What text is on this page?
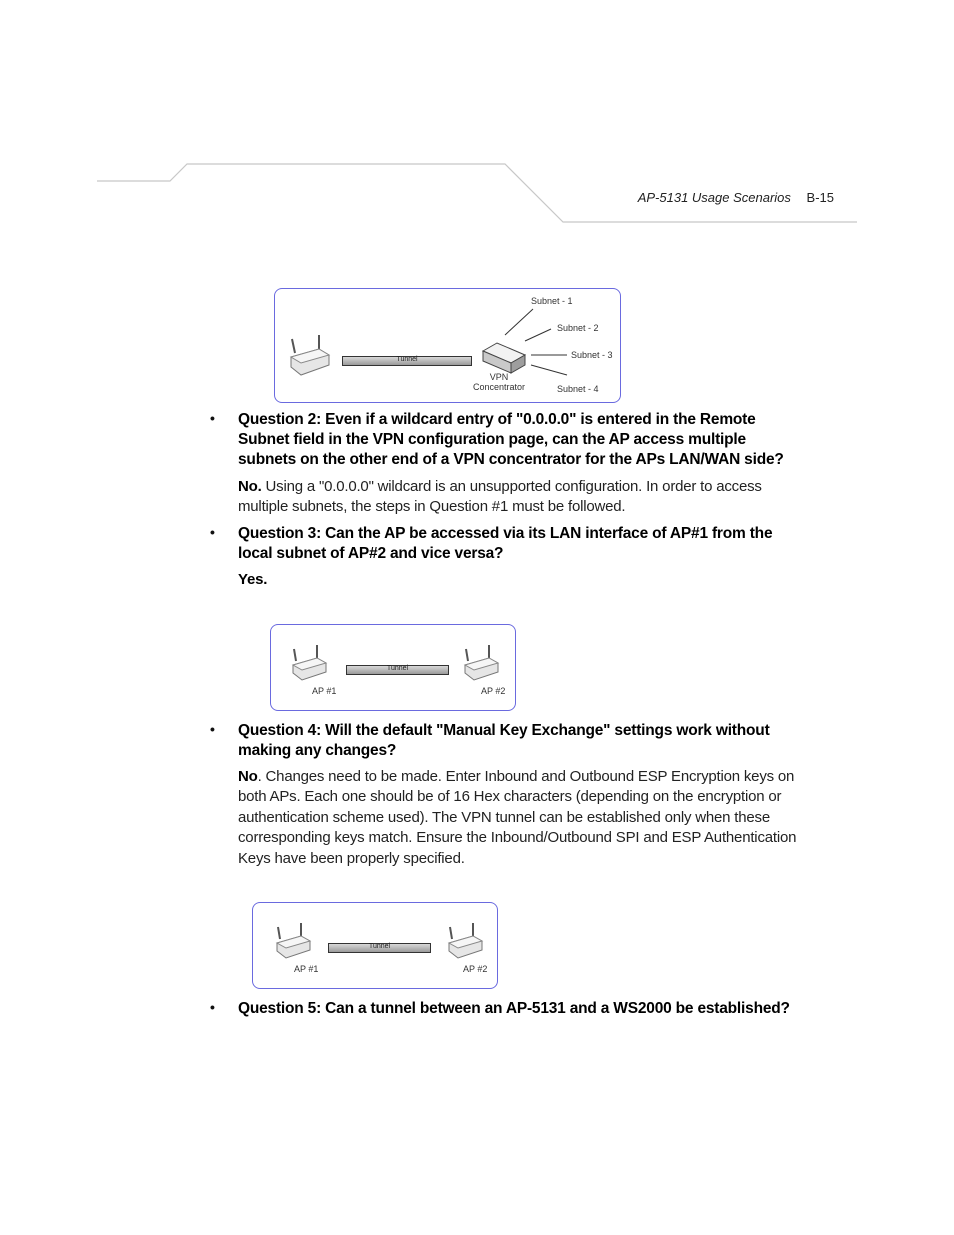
AP-5131 Usage Scenarios B-15
Tunnel
VPN
Concentrator
Subnet - 1
Subnet - 2
Subnet - 3
Subnet - 4
• Question 2: Even if a wildcard entry of "0.0.0.0" is entered in the Remote Subnet field in the VPN configuration page, can the AP access multiple subnets on the other end of a VPN concentrator for the APs LAN/WAN side?
No. Using a "0.0.0.0" wildcard is an unsupported configuration. In order to access multiple subnets, the steps in Question #1 must be followed.
• Question 3: Can the AP be accessed via its LAN interface of AP#1 from the local subnet of AP#2 and vice versa?
Yes.
Tunnel
AP #1	AP #2
• Question 4: Will the default "Manual Key Exchange" settings work without making any changes?
No. Changes need to be made. Enter Inbound and Outbound ESP Encryption keys on both APs. Each one should be of 16 Hex characters (depending on the encryption or authentication scheme used). The VPN tunnel can be established only when these corresponding keys match. Ensure the Inbound/Outbound SPI and ESP Authentication Keys have been properly specified.
Tunnel
AP #1	AP #2
• Question 5: Can a tunnel between an AP-5131 and a WS2000 be established?
